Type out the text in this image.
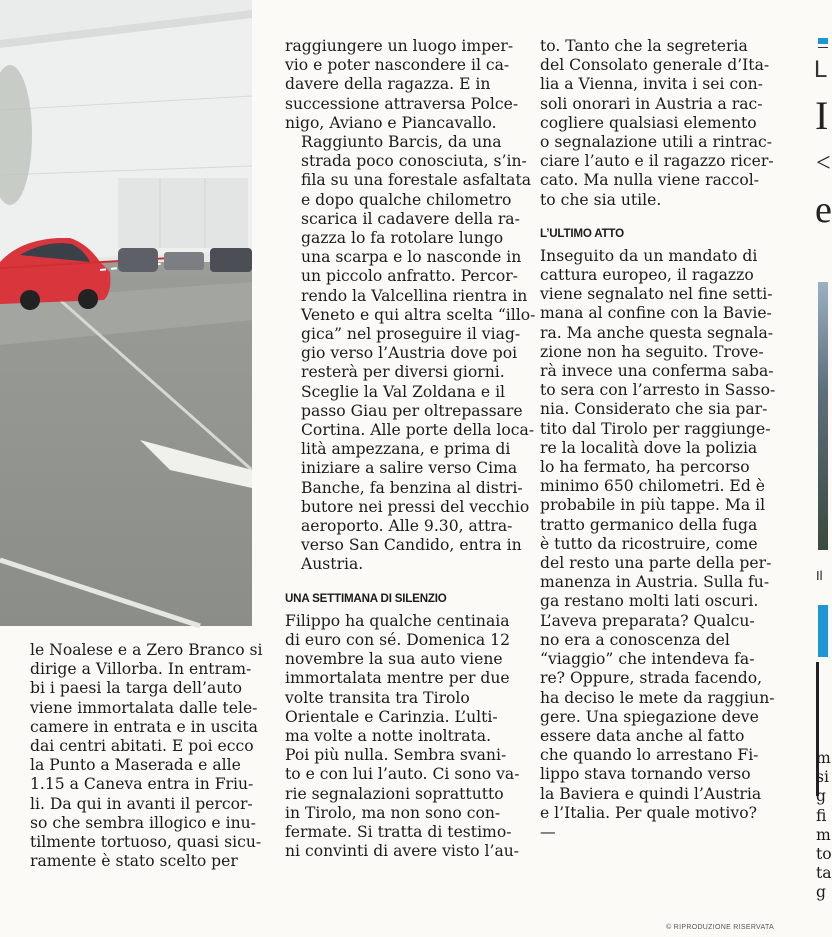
le Noalese e a Zero Branco si
dirige a Villorba. In entram-
bi i paesi la targa dell’auto
viene immortalata dalle tele-
camere in entrata e in uscita
dai centri abitati. E poi ecco
la Punto a Maserada e alle
1.15 a Caneva entra in Friu-
li. Da qui in avanti il percor-
so che sembra illogico e inu-
tilmente tortuoso, quasi sicu-
ramente è stato scelto per

raggiungere un luogo imper-
vio e poter nascondere il ca-
davere della ragazza. E in
successione attraversa Polce-
nigo, Aviano e Piancavallo.

Raggiunto Barcis, da una
strada poco conosciuta, s’in-
fila su una forestale asfaltata
e dopo qualche chilometro
scarica il cadavere della ra-
gazza lo fa rotolare lungo
una scarpa e lo nasconde in
un piccolo anfratto. Percor-
rendo la Valcellina rientra in
Veneto e qui altra scelta “illo-
gica” nel proseguire il viag-
gio verso l’Austria dove poi
resterà per diversi giorni.
Sceglie la Val Zoldana e il
passo Giau per oltrepassare
Cortina. Alle porte della loca-
lità ampezzana, e prima di
iniziare a salire verso Cima
Banche, fa benzina al distri-
butore nei pressi del vecchio
aeroporto. Alle 9.30, attra-
verso San Candido, entra in
Austria.

UNA SETTIMANA DI SILENZIO

Filippo ha qualche centinaia
di euro con sé. Domenica 12
novembre la sua auto viene
immortalata mentre per due
volte transita tra Tirolo
Orientale e Carinzia. L’ulti-
ma volte a notte inoltrata.
Poi più nulla. Sembra svani-
to e con lui l’auto. Ci sono va-
rie segnalazioni soprattutto
in Tirolo, ma non sono con-
fermate. Si tratta di testimo-
ni convinti di avere visto l’au-

to. Tanto che la segreteria
del Consolato generale d’Ita-
lia a Vienna, invita i sei con-
soli onorari in Austria a rac-
cogliere qualsiasi elemento
o segnalazione utili a rintrac-
ciare l’auto e il ragazzo ricer-
cato. Ma nulla viene raccol-
to che sia utile.

L’ULTIMO ATTO

Inseguito da un mandato di
cattura europeo, il ragazzo
viene segnalato nel fine setti-
mana al confine con la Bavie-
ra. Ma anche questa segnala-
zione non ha seguito. Trove-
rà invece una conferma saba-
to sera con l’arresto in Sasso-
nia. Considerato che sia par-
tito dal Tirolo per raggiunge-
re la località dove la polizia
lo ha fermato, ha percorso
minimo 650 chilometri. Ed è
probabile in più tappe. Ma il
tratto germanico della fuga
è tutto da ricostruire, come
del resto una parte della per-
manenza in Austria. Sulla fu-
ga restano molti lati oscuri.
L’aveva preparata? Qualcu-
no era a conoscenza del
“viaggio” che intendeva fa-
re? Oppure, strada facendo,
ha deciso le mete da raggiun-
gere. Una spiegazione deve
essere data anche al fatto
che quando lo arrestano Fi-
lippo stava tornando verso
la Baviera e quindi l’Austria
e l’Italia. Per quale motivo?
—

© RIPRODUZIONE RISERVATA
L
I
<
e
Il
m
si
g
fi
m
to
ta
g
